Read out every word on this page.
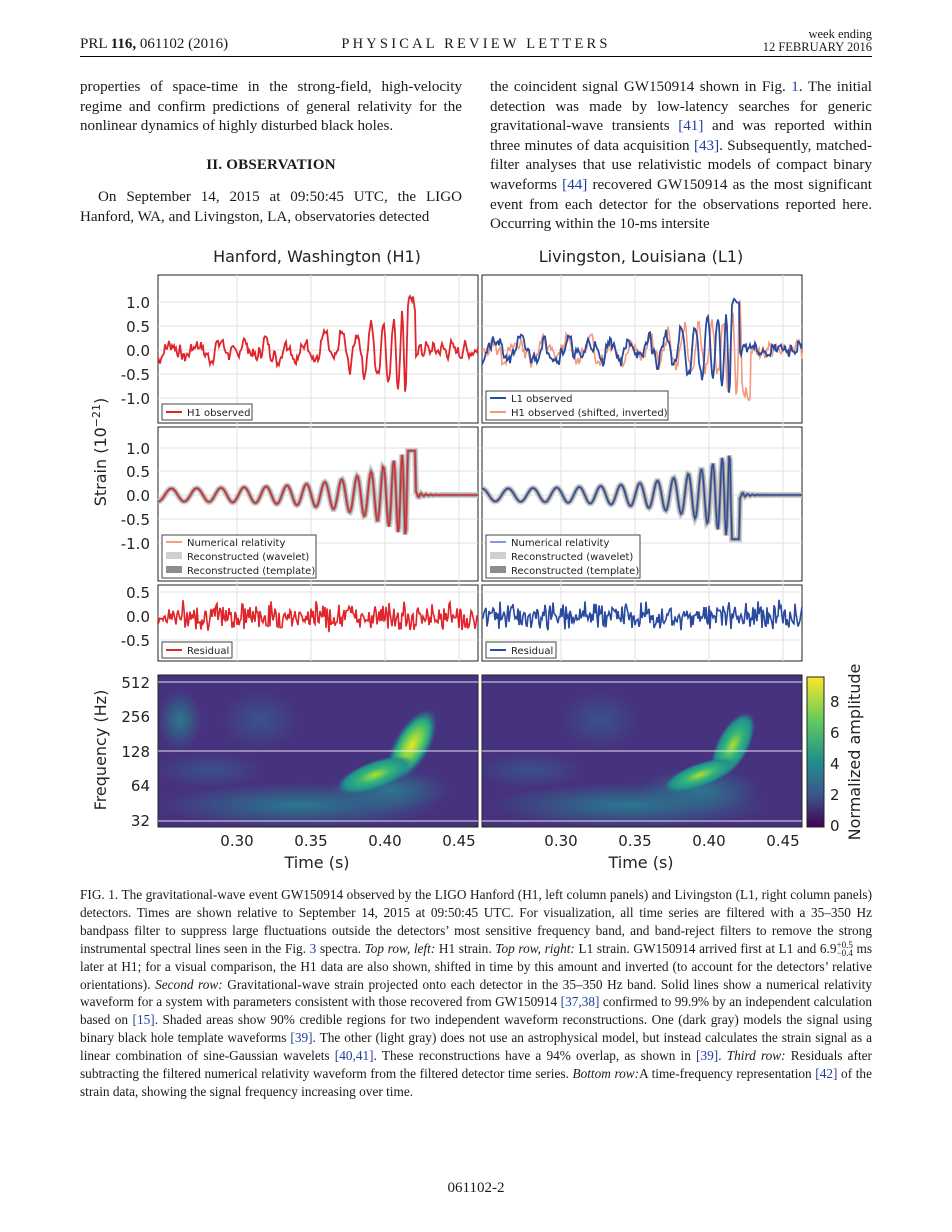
PRL 116, 061102 (2016)	PHYSICAL REVIEW LETTERS
week ending
12 FEBRUARY 2016
properties of space-time in the strong-field, high-velocity regime and confirm predictions of general relativity for the nonlinear dynamics of highly disturbed black holes.
II. OBSERVATION
On September 14, 2015 at 09:50:45 UTC, the LIGO Hanford, WA, and Livingston, LA, observatories detected
the coincident signal GW150914 shown in Fig. 1. The initial detection was made by low-latency searches for generic gravitational-wave transients [41] and was reported within three minutes of data acquisition [43]. Subsequently, matched-filter analyses that use relativistic models of compact binary waveforms [44] recovered GW150914 as the most significant event from each detector for the observations reported here. Occurring within the 10-ms intersite
Hanford, Washington (H1)	Livingston, Louisiana (L1)
8
6
4
2
0 Normalized amplitude
1.0
0.5
0.0
-0.5
-1.0
1.0
0.5
0.0
-0.5
-1.0
0.5
0.0
-0.5
512
256
128
64
32
Strain $(10^{-21})$
Frequency (Hz)
0.30	0.35	0.40	0.45	0.30	0.35	0.40	0.45
Time (s)	Time (s)
H1 observed
L1 observed
H1 observed (shifted, inverted)
Numerical relativity
Reconstructed (wavelet)
Reconstructed (template)
Numerical relativity
Reconstructed (wavelet)
Reconstructed (template)
Residual	Residual
FIG. 1. The gravitational-wave event GW150914 observed by the LIGO Hanford (H1, left column panels) and Livingston (L1, right column panels) detectors. Times are shown relative to September 14, 2015 at 09:50:45 UTC. For visualization, all time series are filtered with a 35–350 Hz bandpass filter to suppress large fluctuations outside the detectors’ most sensitive frequency band, and band-reject filters to remove the strong instrumental spectral lines seen in the Fig. 3 spectra. Top row, left: H1 strain. Top row, right: L1 strain. GW150914 arrived first at L1 and 6.9+0.5
−0.4 ms later at H1; for a visual comparison, the H1 data are also shown, shifted in time by this amount and inverted (to account for the detectors’ relative orientations). Second row: Gravitational-wave strain projected onto each detector in the 35–350 Hz band. Solid lines show a numerical relativity waveform for a system with parameters consistent with those recovered from GW150914 [37,38] confirmed to 99.9% by an independent calculation based on [15]. Shaded areas show 90% credible regions for two independent waveform reconstructions. One (dark gray) models the signal using binary black hole template waveforms [39]. The other (light gray) does not use an astrophysical model, but instead calculates the strain signal as a linear combination of sine-Gaussian wavelets [40,41]. These reconstructions have a 94% overlap, as shown in [39]. Third row: Residuals after subtracting the filtered numerical relativity waveform from the filtered detector time series. Bottom row:A time-frequency representation [42] of the strain data, showing the signal frequency increasing over time.
061102-2
